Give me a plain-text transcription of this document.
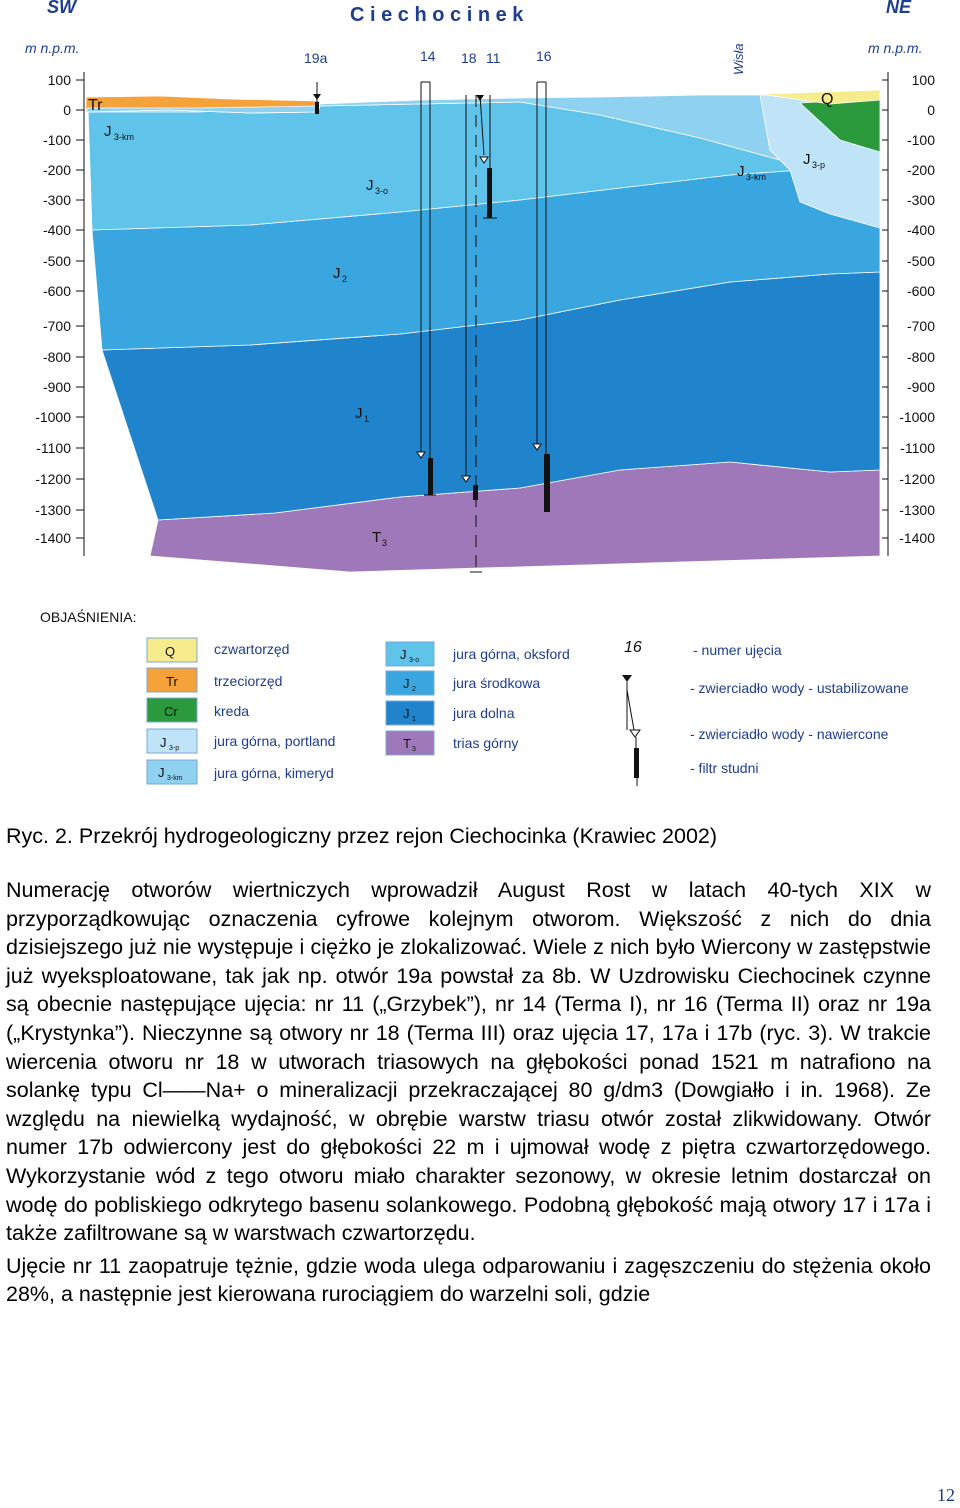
SW	C i e c h o c i n e k	NE
m n.p.m.	m n.p.m.
Wisła
19a	14 18 11	16
Tr
J 3-km
J 3-o
J 2
J 1
T 3
Q
J 3-km
J 3-p
100
0
-100
-200
-300
-400
-500
-600
-700
-800
-900
-1000
-1100
-1200
-1300
-1400
100
0
-100
-200
-300
-400
-500
-600
-700
-800
-900
-1000
-1100
-1200
-1300
-1400
OBJAŚNIENIA:
Q	czwartorzęd
Tr	trzeciorzęd
Cr	kreda
J 3-p jura górna, portland
J 3-km jura górna, kimeryd
J 3-o jura górna, oksford
J 2	jura środkowa
J 1	jura dolna
T 3	trias górny
16	- numer ujęcia
- zwierciadło wody - ustabilizowane
- zwierciadło wody - nawiercone
- filtr studni
Ryc. 2. Przekrój hydrogeologiczny przez rejon Ciechocinka (Krawiec 2002)

Numerację otworów wiertniczych wprowadził August Rost w latach 40-tych XIX w przyporządkowując oznaczenia cyfrowe kolejnym otworom. Większość z nich do dnia dzisiejszego już nie występuje i ciężko je zlokalizować. Wiele z nich było Wiercony w zastępstwie już wyeksploatowane, tak jak np. otwór 19a powstał za 8b. W Uzdrowisku Ciechocinek czynne są obecnie następujące ujęcia: nr 11 („Grzybek”), nr 14 (Terma I), nr 16 (Terma II) oraz nr 19a („Krystynka”). Nieczynne są otwory nr 18 (Terma III) oraz ujęcia 17, 17a i 17b (ryc. 3). W trakcie wiercenia otworu nr 18 w utworach triasowych na głębokości ponad 1521 m natrafiono na solankę typu Cl——Na+ o mineralizacji przekraczającej 80 g/dm3 (Dowgiałło i in. 1968). Ze względu na niewielką wydajność, w obrębie warstw triasu otwór został zlikwidowany. Otwór numer 17b odwiercony jest do głębokości 22 m i ujmował wodę z piętra czwartorzędowego. Wykorzystanie wód z tego otworu miało charakter sezonowy, w okresie letnim dostarczał on wodę do pobliskiego odkrytego basenu solankowego. Podobną głębokość mają otwory 17 i 17a i także zafiltrowane są w warstwach czwartorzędu.

Ujęcie nr 11 zaopatruje tężnie, gdzie woda ulega odparowaniu i zagęszczeniu do stężenia około 28%, a następnie jest kierowana rurociągiem do warzelni soli, gdzie

12
